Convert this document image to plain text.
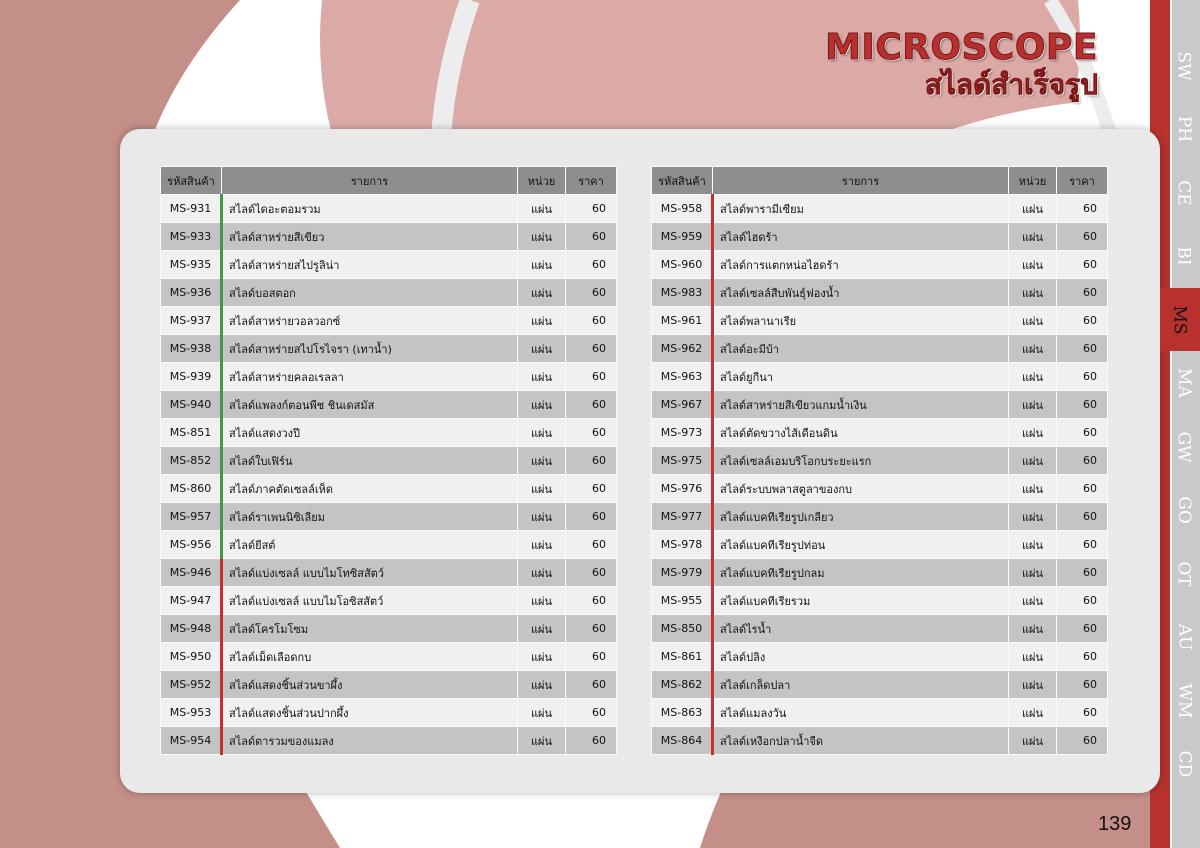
MICROSCOPE
สไลด์สำเร็จรูป
รหัสสินค้า	รายการ	หน่วย	ราคา
MS-931	สไลด์ไดอะตอมรวม	แผ่น	60
MS-933	สไลด์สาหร่ายสีเขียว	แผ่น	60
MS-935	สไลด์สาหร่ายสไปรูลิน่า	แผ่น	60
MS-936	สไลด์บอสตอก	แผ่น	60
MS-937	สไลด์สาหร่ายวอลวอกซ์	แผ่น	60
MS-938	สไลด์สาหร่ายสไปโรไจรา (เทานํ้า)	แผ่น	60
MS-939	สไลด์สาหร่ายคลอเรลลา	แผ่น	60
MS-940	สไลด์แพลงก์ตอนพืช ชินเดสมัส	แผ่น	60
MS-851	สไลด์แสดงวงปี	แผ่น	60
MS-852	สไลด์ใบเฟิร์น	แผ่น	60
MS-860	สไลด์ภาคตัดเซลล์เห็ด	แผ่น	60
MS-957	สไลด์ราเพนนิซิเลียม	แผ่น	60
MS-956	สไลด์ยีสต์	แผ่น	60
MS-946	สไลด์แบ่งเซลล์ แบบไมโทซิสสัตว์	แผ่น	60
MS-947	สไลด์แบ่งเซลล์ แบบไมโอซิสสัตว์	แผ่น	60
MS-948	สไลด์โครโมโซม	แผ่น	60
MS-950	สไลด์เม็ดเลือดกบ	แผ่น	60
MS-952	สไลด์แสดงชิ้นส่วนขาผึ้ง	แผ่น	60
MS-953	สไลด์แสดงชิ้นส่วนปากผึ้ง	แผ่น	60
MS-954	สไลด์ตารวมของแมลง	แผ่น	60
รหัสสินค้า	รายการ	หน่วย	ราคา
MS-958	สไลด์พารามีเซียม	แผ่น	60
MS-959	สไลด์ไฮดร้า	แผ่น	60
MS-960	สไลด์การแตกหน่อไฮดร้า	แผ่น	60
MS-983	สไลด์เซลล์สืบพันธุ์ฟองน้ำ	แผ่น	60
MS-961	สไลด์พลานาเรีย	แผ่น	60
MS-962	สไลด์อะมีบ้า	แผ่น	60
MS-963	สไลด์ยูกีนา	แผ่น	60
MS-967	สไลด์สาหร่ายสีเขียวแกมน้ำเงิน	แผ่น	60
MS-973	สไลด์ตัดขวางไส้เดือนดิน	แผ่น	60
MS-975	สไลด์เซลล์เอมบริโอกบระยะแรก	แผ่น	60
MS-976	สไลด์ระบบพลาสตูลาของกบ	แผ่น	60
MS-977	สไลด์แบคทีเรียรูปเกลียว	แผ่น	60
MS-978	สไลด์แบคทีเรียรูปท่อน	แผ่น	60
MS-979	สไลด์แบคทีเรียรูปกลม	แผ่น	60
MS-955	สไลด์แบคทีเรียรวม	แผ่น	60
MS-850	สไลด์ไรน้ำ	แผ่น	60
MS-861	สไลด์ปลิง	แผ่น	60
MS-862	สไลด์เกล็ดปลา	แผ่น	60
MS-863	สไลด์แมลงวัน	แผ่น	60
MS-864	สไลด์เหงือกปลาน้ำจืด	แผ่น	60
SW
PH
CE
BI
MS
MA
GW
GO
OT
AU
WM
CD
139
